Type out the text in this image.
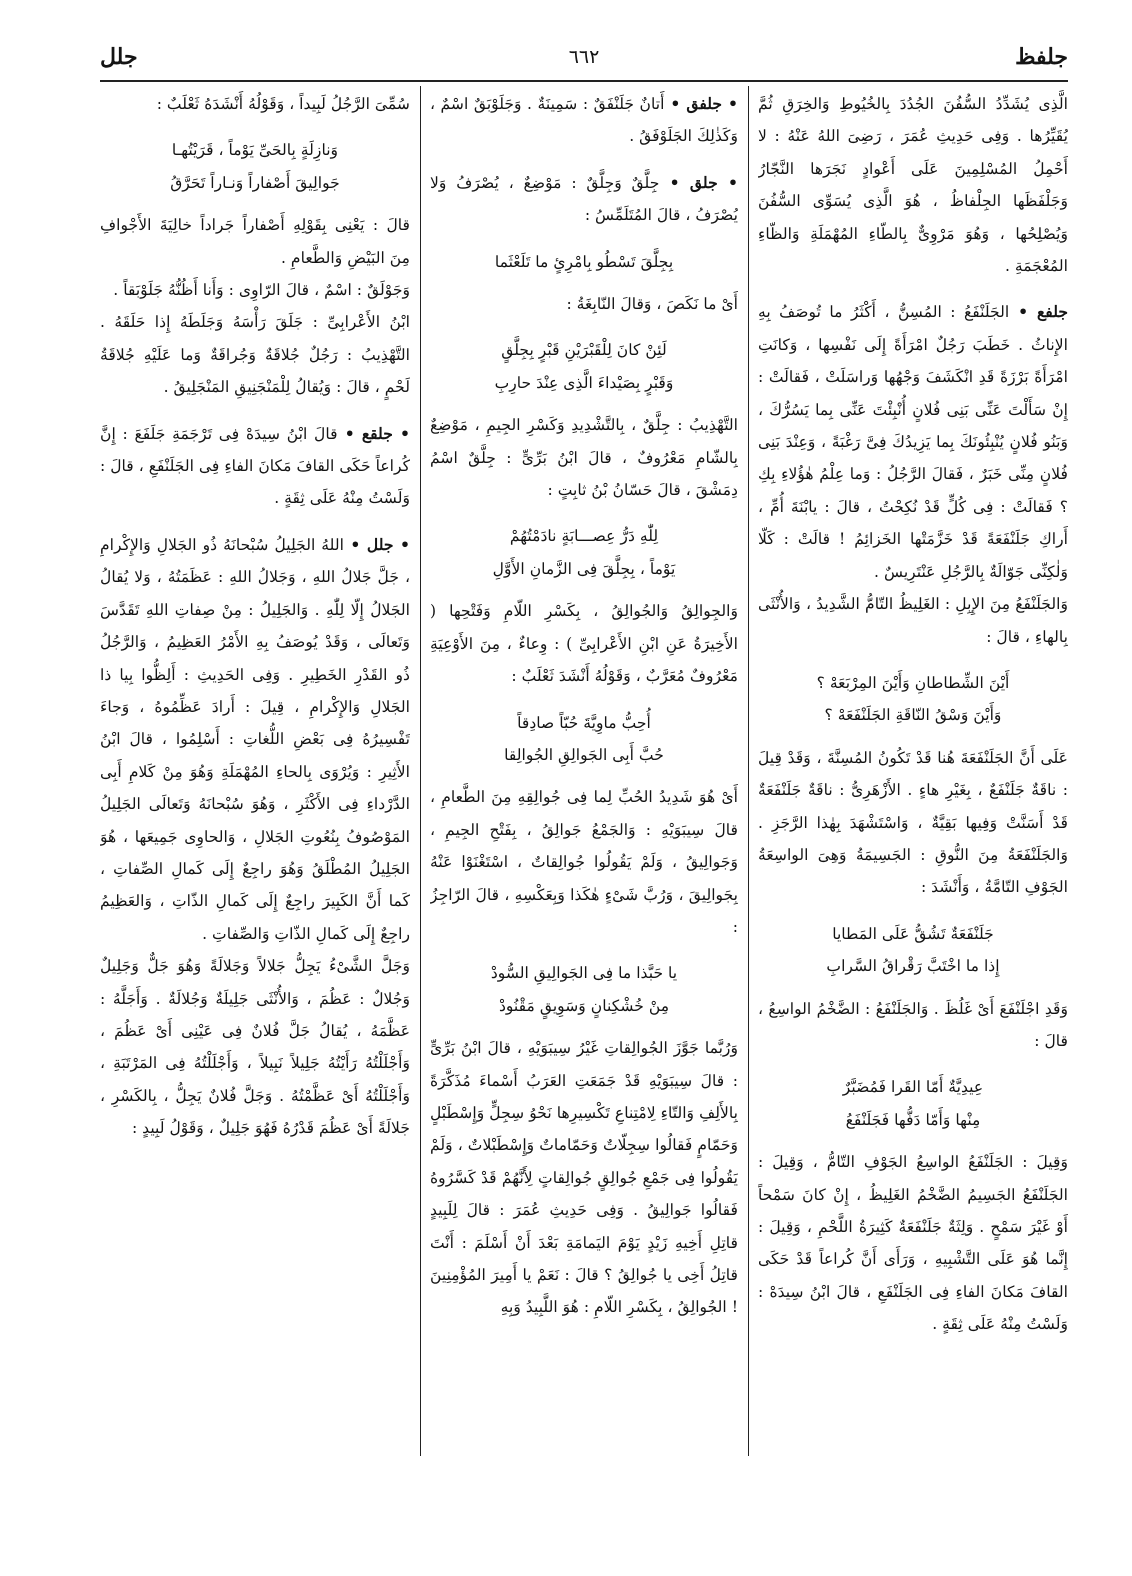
جلفظ
٦٦٢
جلل

الَّذِى يُشَدِّدُ السُّفُنَ الجُدُدَ بِالخُيُوطِ وَالخِرَقِ ثُمَّ يُقَيِّرُها . وَفِى حَدِيثِ عُمَرَ ، رَضِىَ اللهُ عَنْهُ : لا أَحْمِلُ المُسْلِمِينَ عَلَى أَعْوادٍ نَجَرَها النَّجّارُ وَجَلْفَظَها الجِلْفاظُ ، هُوَ الَّذِى يُسَوِّى السُّفُنَ وَيُصْلِحُها ، وَهُوَ مَرْوِىٌّ بِالطّاءِ المُهْمَلَةِ وَالظّاءِ المُعْجَمَةِ .

جلفع • الجَلَنْفَعُ : المُسِنُّ ، أَكْثَرُ ما تُوصَفُ بِهِ الإِناثُ . خَطَبَ رَجُلٌ امْرَأَةً إِلَى نَفْسِها ، وَكانَتِ امْرَأَةً بَرْزَةً قَدِ انْكَشَفَ وَجْهُها وَراسَلَتْ ، فَقالَتْ : إِنْ سَأَلْتَ عَنِّى بَنِى فُلانٍ أُنْبِئْتَ عَنِّى بِما يَسُرُّكَ ، وَبَنُو فُلانٍ يُنْبِئُونَكَ بِما يَزِيدُكَ فِىَّ رَغْبَةً ، وَعِنْدَ بَنِى فُلانٍ مِنِّى خَبَرٌ ، فَقالَ الرَّجُلُ : وَما عِلْمُ هٰؤُلاءِ بِكِ ؟ فَقالَتْ : فِى كُلٍّ قَدْ نُكِحْتُ ، قالَ : يابْنَةَ أُمِّ ، أَراكِ جَلَنْفَعَةً قَدْ خَزَّمَتْها الخَزائِمُ ! قالَتْ : كَلّا وَلٰكِنِّى جَوّالَةٌ بِالرَّجُلِ عَنْتَرِيسٌ .
وَالجَلَنْفَعُ مِنَ الإِبِلِ : الغَلِيظُ التّامُّ الشَّدِيدُ ، وَالأُنْثَى بِالهاءِ ، قالَ :

أَيْنَ الشِّطاطانِ وَأَيْنَ المِرْبَعَهْ ؟
وَأَيْنَ وَسْقُ النّاقَةِ الجَلَنْفَعَهْ ؟

عَلَى أَنَّ الجَلَنْفَعَةَ هُنا قَدْ تَكُونُ المُسِنَّةَ ، وَقَدْ قِيلَ : ناقَةٌ جَلَنْفَعٌ ، بِغَيْرِ هاءٍ . الأَزْهَرِىُّ : ناقَةٌ جَلَنْفَعَةٌ قَدْ أَسَنَّتْ وَفِيها بَقِيَّةٌ ، وَاسْتَشْهَدَ بِهٰذا الرَّجَزِ . وَالجَلَنْفَعَةُ مِنَ النُّوقِ : الجَسِيمَةُ وَهِىَ الواسِعَةُ الجَوْفِ التّامَّةُ ، وَأَنْشَدَ :

جَلَنْفَعَةٌ تَشُقُّ عَلَى المَطايا
إِذا ما اخْتَبَّ رَقْراقُ السَّرابِ

وَقَدِ اجْلَنْفَعَ أَىْ غَلُظَ . وَالجَلَنْفَعُ : الضَّخْمُ الواسِعُ ، قالَ :

عِيدِيَّةٌ أَمّا القَرا فَمُضَبَّرٌ
مِنْها وَأَمّا دَفُّها فَجَلَنْفَعُ

وَقِيلَ : الجَلَنْفَعُ الواسِعُ الجَوْفِ التّامُّ ، وَقِيلَ : الجَلَنْفَعُ الجَسِيمُ الضَّخْمُ الغَلِيظُ ، إِنْ كانَ سَمْحاً أَوْ غَيْرَ سَمْحٍ . وَلِثَةٌ جَلَنْفَعَةٌ كَثِيرَةُ اللَّحْمِ ، وَقِيلَ : إِنَّما هُوَ عَلَى التَّشْبِيهِ ، وَرَأَى أَنَّ كُراعاً قَدْ حَكَى القافَ مَكانَ الفاءِ فِى الجَلَنْفَعِ ، قالَ ابْنُ سِيدَهْ : وَلَسْتُ مِنْهُ عَلَى ثِقَةٍ .

• جلفق • أَتانٌ جَلَنْفَقٌ : سَمِينَةٌ . وَجَلَوْبَقٌ اسْمٌ ، وَكَذٰلِكَ الجَلَوْفَقُ .

• جلق • جِلَّقٌ وَجِلَّقٌ : مَوْضِعٌ ، يُصْرَفُ وَلا يُصْرَفُ ، قالَ المُتَلَمِّسُ :

بِجِلَّقَ تَسْطُو بِامْرِئٍ ما تَلَعْثَما

أَىْ ما نَكَصَ ، وَقالَ النّابِغَةُ :

لَئِنْ كانَ لِلْقَبْرَيْنِ قَبْرٍ بِجِلَّقٍ
وَقَبْرٍ بِصَيْداءَ الَّذِى عِنْدَ حارِبِ

التَّهْذِيبُ : جِلَّقٌ ، بِالتَّشْدِيدِ وَكَسْرِ الجِيمِ ، مَوْضِعٌ بِالشّامِ مَعْرُوفٌ ، قالَ ابْنُ بَرِّىٍّ : جِلَّقٌ اسْمُ دِمَشْقَ ، قالَ حَسّانُ بْنُ ثابِتٍ :

لِلّٰهِ دَرُّ عِصـــابَةٍ نادَمْتُهُمْ
يَوْماً ، بِجِلَّقَ فِى الزَّمانِ الأَوَّلِ

وَالجِوالِقُ وَالجُوالِقُ ، بِكَسْرِ اللّامِ وَفَتْحِها ( الأَخِيرَةُ عَنِ ابْنِ الأَعْرابِىِّ ) : وِعاءٌ ، مِنَ الأَوْعِيَةِ مَعْرُوفٌ مُعَرَّبٌ ، وَقَوْلُهُ أَنْشَدَ ثَعْلَبٌ :

أُحِبُّ ماوِيَّةَ حُبّاً صادِقاً
حُبَّ أَبِى الجَوالِقِ الجُوالِقا

أَىْ هُوَ شَدِيدُ الحُبِّ لِما فِى جُوالِقِهِ مِنَ الطَّعامِ ، قالَ سِيبَوَيْهِ : وَالجَمْعُ جَوالِقُ ، بِفَتْحِ الجِيمِ ، وَجَوالِيقُ ، وَلَمْ يَقُولُوا جُوالِقاتٌ ، اسْتَغْنَوْا عَنْهُ بِجَوالِيقَ ، وَرُبَّ شَىْءٍ هٰكَذا وَبِعَكْسِهِ ، قالَ الرّاجِزُ :

يا حَبَّذا ما فِى الجَوالِيقِ السُّودْ
مِنْ خُشْكِنانٍ وَسَوِيقٍ مَقْنُودْ

وَرُبَّما جَوَّزَ الجُوالِقاتِ غَيْرُ سِيبَوَيْهِ ، قالَ ابْنُ بَرِّىٍّ : قالَ سِيبَوَيْهِ قَدْ جَمَعَتِ العَرَبُ أَسْماءَ مُذَكَّرَةً بِالأَلِفِ وَالتّاءِ لِامْتِناعِ تَكْسِيرِها نَحْوُ سِجِلٍّ وَإِسْطَبْلٍ وَحَمّامٍ فَقالُوا سِجِلّاتٌ وَحَمّاماتٌ وَإِسْطَبْلاتٌ ، وَلَمْ يَقُولُوا فِى جَمْعِ جُوالِقٍ جُوالِقاتٍ لِأَنَّهُمْ قَدْ كَسَّرُوهُ فَقالُوا جَوالِيقُ . وَفِى حَدِيثِ عُمَرَ : قالَ لِلَبِيدٍ قاتِلِ أَخِيهِ زَيْدٍ يَوْمَ اليَمامَةِ بَعْدَ أَنْ أَسْلَمَ : أَنْتَ قاتِلُ أَخِى يا جُوالِقُ ؟ قالَ : نَعَمْ يا أَمِيرَ المُؤْمِنِينَ ! الجُوالِقُ ، بِكَسْرِ اللّامِ : هُوَ اللَّبِيدُ وَبِهِ

سُمِّىَ الرَّجُلُ لَبِيداً ، وَقَوْلُهُ أَنْشَدَهُ ثَعْلَبٌ :

وَنازِلَةٍ بِالحَىِّ يَوْماً ، قَرَيْتُهـا
جَوالِيقَ أَصْفاراً وَنـاراً تَحَرَّقُ

قالَ : يَعْنِى بِقَوْلِهِ أَصْفاراً جَراداً خالِيَةَ الأَجْوافِ مِنَ البَيْضِ وَالطَّعامِ .
وَجَوْلَقٌ : اسْمٌ ، قالَ الرّاوِى : وَأَنا أَظُنُّهُ جَلَوْبَقاً .
ابْنُ الأَعْرابِىِّ : جَلَقَ رَأْسَهُ وَجَلَطَهُ إِذا حَلَقَهُ . التَّهْذِيبُ : رَجُلٌ جُلاقَةٌ وَجُراقَةٌ وَما عَلَيْهِ جُلاقَةُ لَحْمٍ ، قالَ : وَيُقالُ لِلْمَنْجَنِيقِ المَنْجَلِيقُ .

• جلقع • قالَ ابْنُ سِيدَهْ فِى تَرْجَمَةِ جَلَفَعَ : إِنَّ كُراعاً حَكَى القافَ مَكانَ الفاءِ فِى الجَلَنْفَعِ ، قالَ : وَلَسْتُ مِنْهُ عَلَى ثِقَةٍ .

• جلل • اللهُ الجَلِيلُ سُبْحانَهُ ذُو الجَلالِ وَالإِكْرامِ ، جَلَّ جَلالُ اللهِ ، وَجَلالُ اللهِ : عَظَمَتُهُ ، وَلا يُقالُ الجَلالُ إِلّا لِلّٰهِ . وَالجَلِيلُ : مِنْ صِفاتِ اللهِ تَقَدَّسَ وَتَعالَى ، وَقَدْ يُوصَفُ بِهِ الأَمْرُ العَظِيمُ ، وَالرَّجُلُ ذُو القَدْرِ الخَطِيرِ . وَفِى الحَدِيثِ : أَلِظُّوا بِيا ذا الجَلالِ وَالإِكْرامِ ، قِيلَ : أَرادَ عَظِّمُوهُ ، وَجاءَ تَفْسِيرُهُ فِى بَعْضِ اللُّغاتِ : أَسْلِمُوا ، قالَ ابْنُ الأَثِيرِ : وَيُرْوَى بِالحاءِ المُهْمَلَةِ وَهُوَ مِنْ كَلامِ أَبِى الدَّرْداءِ فِى الأَكْثَرِ ، وَهُوَ سُبْحانَهُ وَتَعالَى الجَلِيلُ المَوْصُوفُ بِنُعُوتِ الجَلالِ ، وَالحاوِى جَمِيعَها ، هُوَ الجَلِيلُ المُطْلَقُ وَهُوَ راجِعٌ إِلَى كَمالِ الصِّفاتِ ، كَما أَنَّ الكَبِيرَ راجِعٌ إِلَى كَمالِ الذّاتِ ، وَالعَظِيمُ راجِعٌ إِلَى كَمالِ الذّاتِ وَالصِّفاتِ .
وَجَلَّ الشَّىْءُ يَجِلُّ جَلالاً وَجَلالَةً وَهُوَ جَلٌّ وَجَلِيلٌ وَجُلالٌ : عَظُمَ ، وَالأُنْثَى جَلِيلَةٌ وَجُلالَةٌ . وَأَجَلَّهُ : عَظَّمَهُ ، يُقالُ جَلَّ فُلانٌ فِى عَيْنِى أَىْ عَظُمَ ، وَأَجْلَلْتُهُ رَأَيْتُهُ جَلِيلاً نَبِيلاً ، وَأَجْلَلْتُهُ فِى المَرْتَبَةِ ، وَأَجْلَلْتُهُ أَىْ عَظَّمْتُهُ . وَجَلَّ فُلانٌ يَجِلُّ ، بِالكَسْرِ ، جَلالَةً أَىْ عَظُمَ قَدْرُهُ فَهُوَ جَلِيلٌ ، وَقَوْلُ لَبِيدٍ :
